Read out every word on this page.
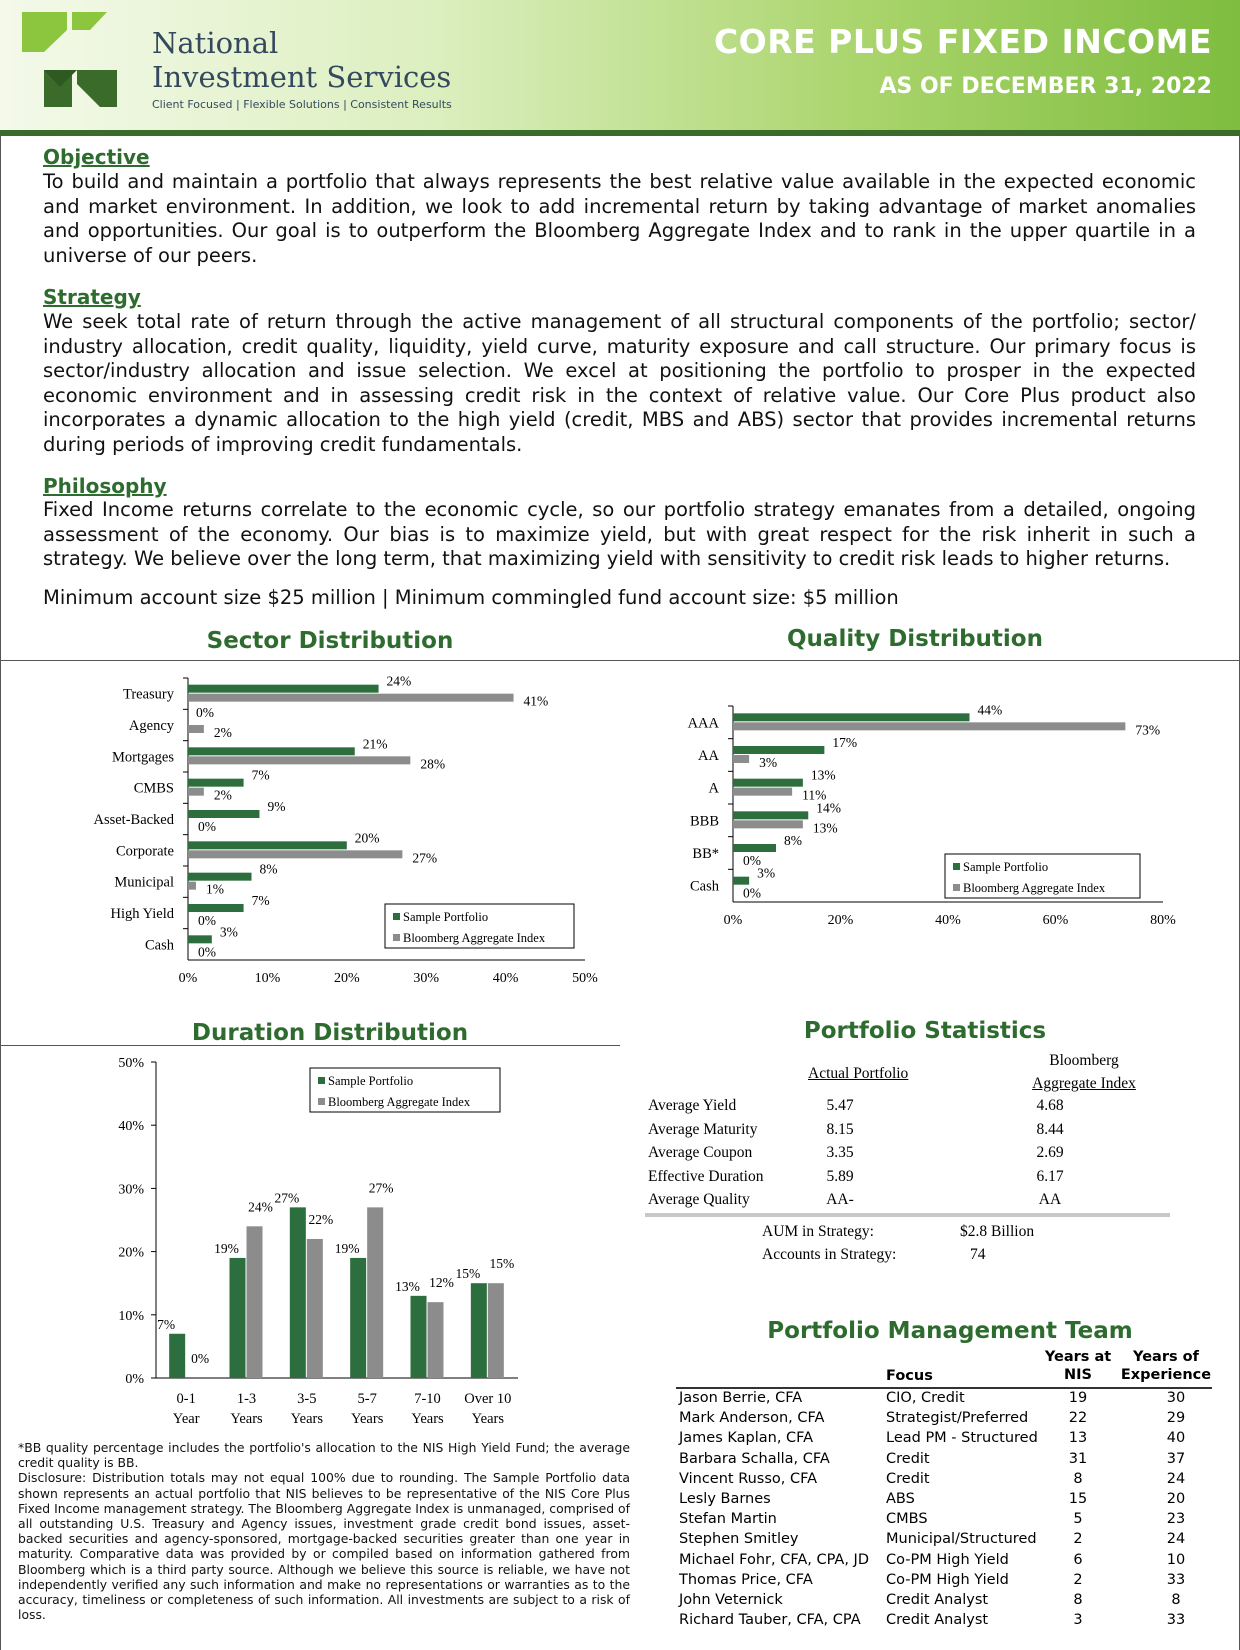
National
Investment Services
Client Focused | Flexible Solutions | Consistent Results
CORE PLUS FIXED INCOME
AS OF DECEMBER 31, 2022
Objective
To build and maintain a portfolio that always represents the best relative value available in the expected economic and market environment. In addition, we look to add incremental return by taking advantage of market anomalies and opportunities. Our goal is to outperform the Bloomberg Aggregate Index and to rank in the upper quartile in a universe of our peers.
Strategy
We seek total rate of return through the active management of all structural components of the portfolio; sector/ industry allocation, credit quality, liquidity, yield curve, maturity exposure and call structure. Our primary focus is sector/industry allocation and issue selection. We excel at positioning the portfolio to prosper in the expected economic environment and in assessing credit risk in the context of relative value. Our Core Plus product also incorporates a dynamic allocation to the high yield (credit, MBS and ABS) sector that provides incremental returns during periods of improving credit fundamentals.
Philosophy
Fixed Income returns correlate to the economic cycle, so our portfolio strategy emanates from a detailed, ongoing assessment of the economy. Our bias is to maximize yield, but with great respect for the risk inherit in such a strategy. We believe over the long term, that maximizing yield with sensitivity to credit risk leads to higher returns.
Minimum account size $25 million | Minimum commingled fund account size: $5 million
Sector Distribution	Quality Distribution
Duration Distribution	Portfolio Statistics
Portfolio Management Team
0%	10%	20%	30%	40%	50%
Treasury
24%
41%
Agency
0%
2%
Mortgages
21%
28%
CMBS
7%
2%
Asset-Backed
9%
0%
Corporate
20%
27%
Municipal
8%
1%
High Yield
7%
0%
Cash
3%
0%
Sample Portfolio
Bloomberg Aggregate Index
0%	20%	40%	60%	80%
AAA
44%
73%
AA
17%
3%
A
13%
11%
BBB
14%
13%
BB*
8%
0%
Cash
3%
0%
Sample Portfolio
Bloomberg Aggregate Index
0%
10%
20%
30%
40%
50%
0-1
Year
7%
0%
1-3
Years
19%
24%
3-5
Years
27%
22%
5-7
Years
19%
27%
7-10
Years
13% 12%
Over 10
Years
15%
15%
Sample Portfolio
Bloomberg Aggregate Index
Actual Portfolio
Bloomberg
Aggregate Index
Average Yield	5.47	4.68
Average Maturity	8.15	8.44
Average Coupon	3.35	2.69
Effective Duration	5.89	6.17
Average Quality	AA-	AA
AUM in Strategy:	$2.8 Billion
Accounts in Strategy:	74
Focus
Years at
NIS
Years of
Experience
Jason Berrie, CFA	CIO, Credit	19	30
Mark Anderson, CFA	Strategist/Preferred	22	29
James Kaplan, CFA	Lead PM - Structured	13	40
Barbara Schalla, CFA	Credit	31	37
Vincent Russo, CFA	Credit	8	24
Lesly Barnes	ABS	15	20
Stefan Martin	CMBS	5	23
Stephen Smitley	Municipal/Structured	2	24
Michael Fohr, CFA, CPA, JD	Co-PM High Yield	6	10
Thomas Price, CFA	Co-PM High Yield	2	33
John Veternick	Credit Analyst	8	8
Richard Tauber, CFA, CPA	Credit Analyst	3	33
*BB quality percentage includes the portfolio's allocation to the NIS High Yield Fund; the average credit quality is BB.
Disclosure: Distribution totals may not equal 100% due to rounding. The Sample Portfolio data shown represents an actual portfolio that NIS believes to be representative of the NIS Core Plus Fixed Income management strategy. The Bloomberg Aggregate Index is unmanaged, comprised of all outstanding U.S. Treasury and Agency issues, investment grade credit bond issues, asset-backed securities and agency-sponsored, mortgage-backed securities greater than one year in maturity. Comparative data was provided by or compiled based on information gathered from Bloomberg which is a third party source. Although we believe this source is reliable, we have not independently verified any such information and make no representations or warranties as to the accuracy, timeliness or completeness of such information. All investments are subject to a risk of loss.
